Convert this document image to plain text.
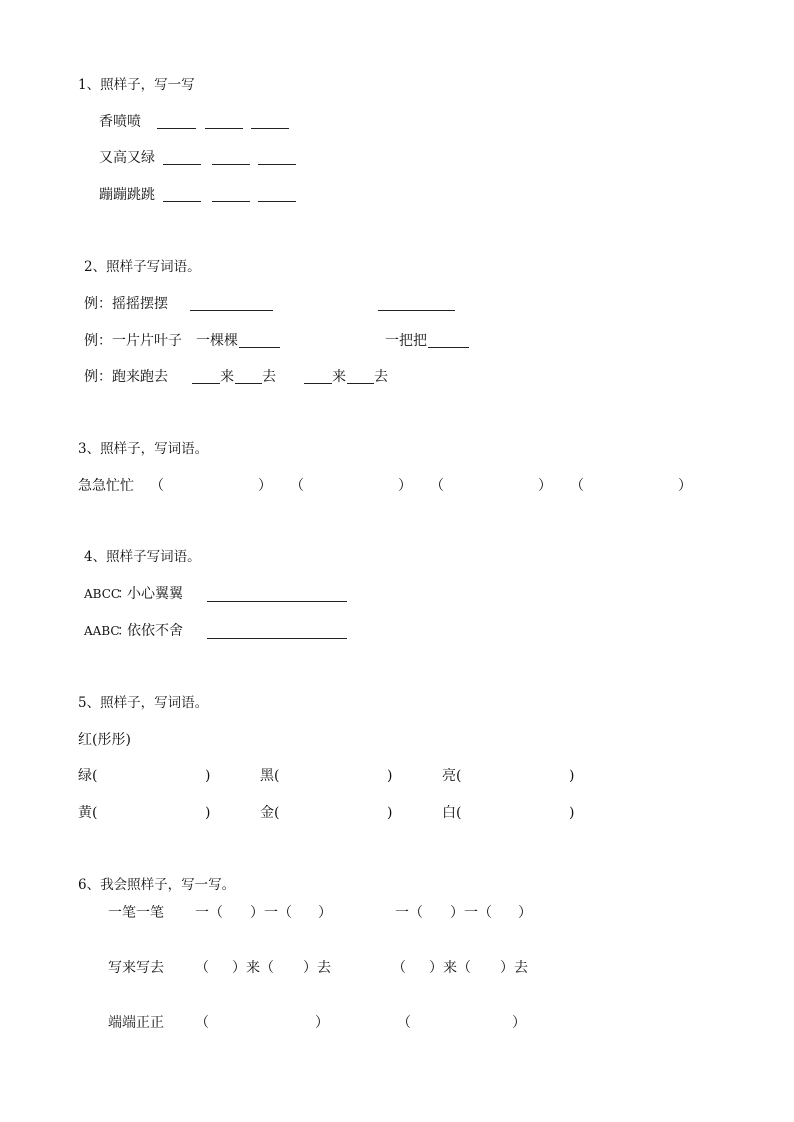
1、照样子，写一写
香喷喷
又高又绿
蹦蹦跳跳
2、照样子写词语。
例：摇摇摆摆
例：一片片叶子 一棵棵	一把把
例：跑来跑去	来 去	来 去
3、照样子，写词语。
急急忙忙 （	） （	） （	） （	）
4、照样子写词语。
ABCC
：
小心翼翼
AABC
：
依依不舍
5、照样子，写词语。
红(彤彤)
绿 (	)	黑 (	)	亮 (	)
黄 (	)	金 (	)	白 (	)
6、我会照样子，写一写。
一笔一笔 一（ ）一（ ）	一（ ）一（ ）
写来写去 （ ）来（ ）去	（ ）来（ ）去
端端正正 （	）	（	）
